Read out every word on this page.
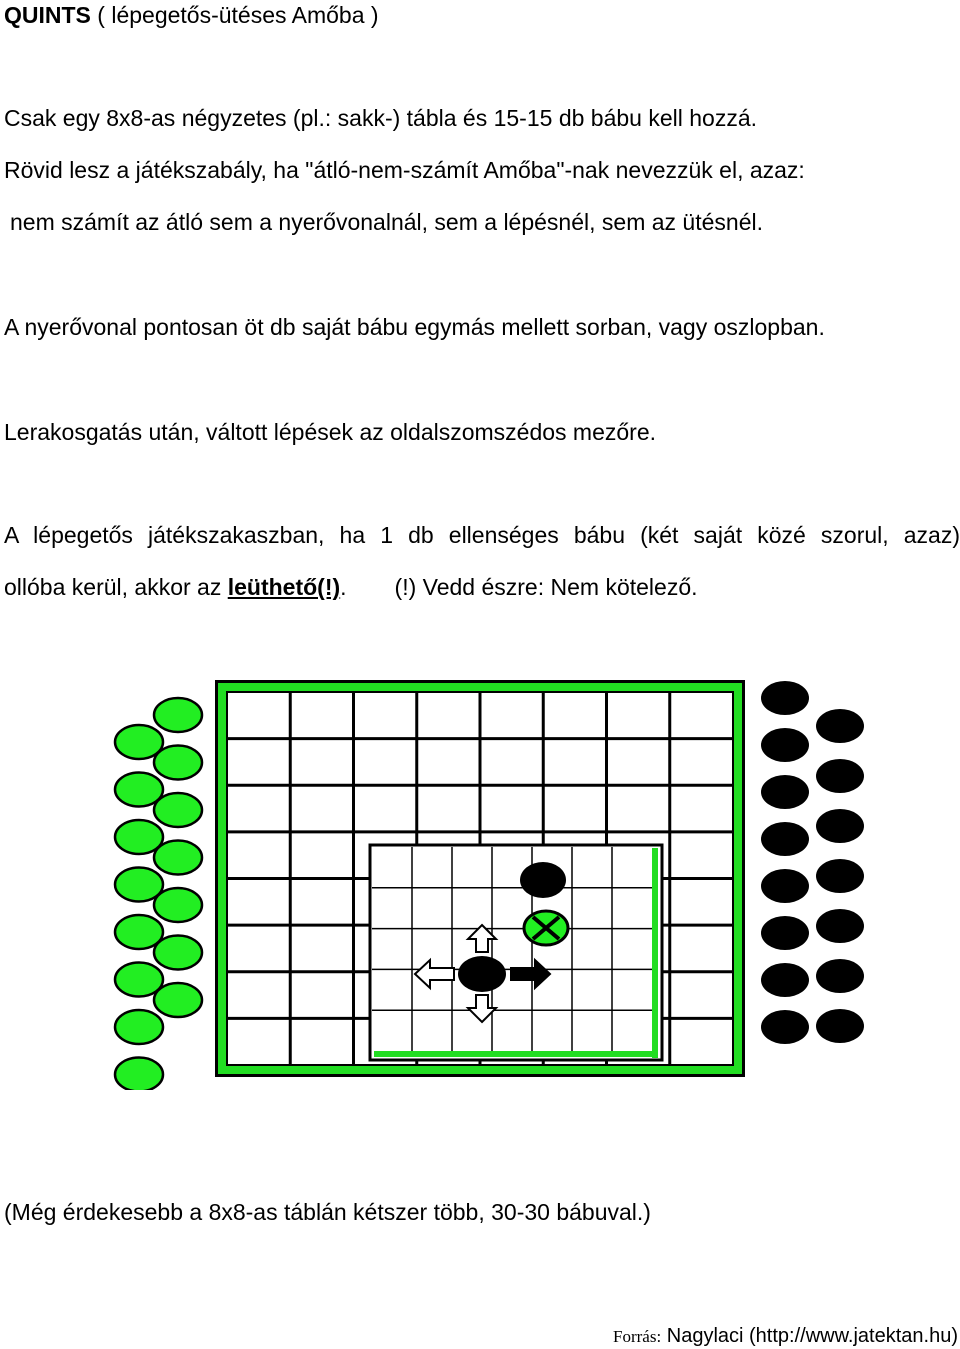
QUINTS ( lépegetős-ütéses Amőba )
Csak egy 8x8-as négyzetes (pl.: sakk-) tábla és 15-15 db bábu kell hozzá.
Rövid lesz a játékszabály, ha "átló-nem-számít Amőba"-nak nevezzük el, azaz:
nem számít az átló sem a nyerővonalnál, sem a lépésnél, sem az ütésnél.
A nyerővonal pontosan öt db saját bábu egymás mellett sorban, vagy oszlopban.
Lerakosgatás után, váltott lépések az oldalszomszédos mezőre.
A lépegetős játékszakaszban, ha 1 db ellenséges bábu (két saját közé szorul, azaz)
ollóba kerül, akkor az leüthető(!). (!) Vedd észre: Nem kötelező.
(Még érdekesebb a 8x8-as táblán kétszer több, 30-30 bábuval.)
Forrás: Nagylaci (http://www.jatektan.hu)
